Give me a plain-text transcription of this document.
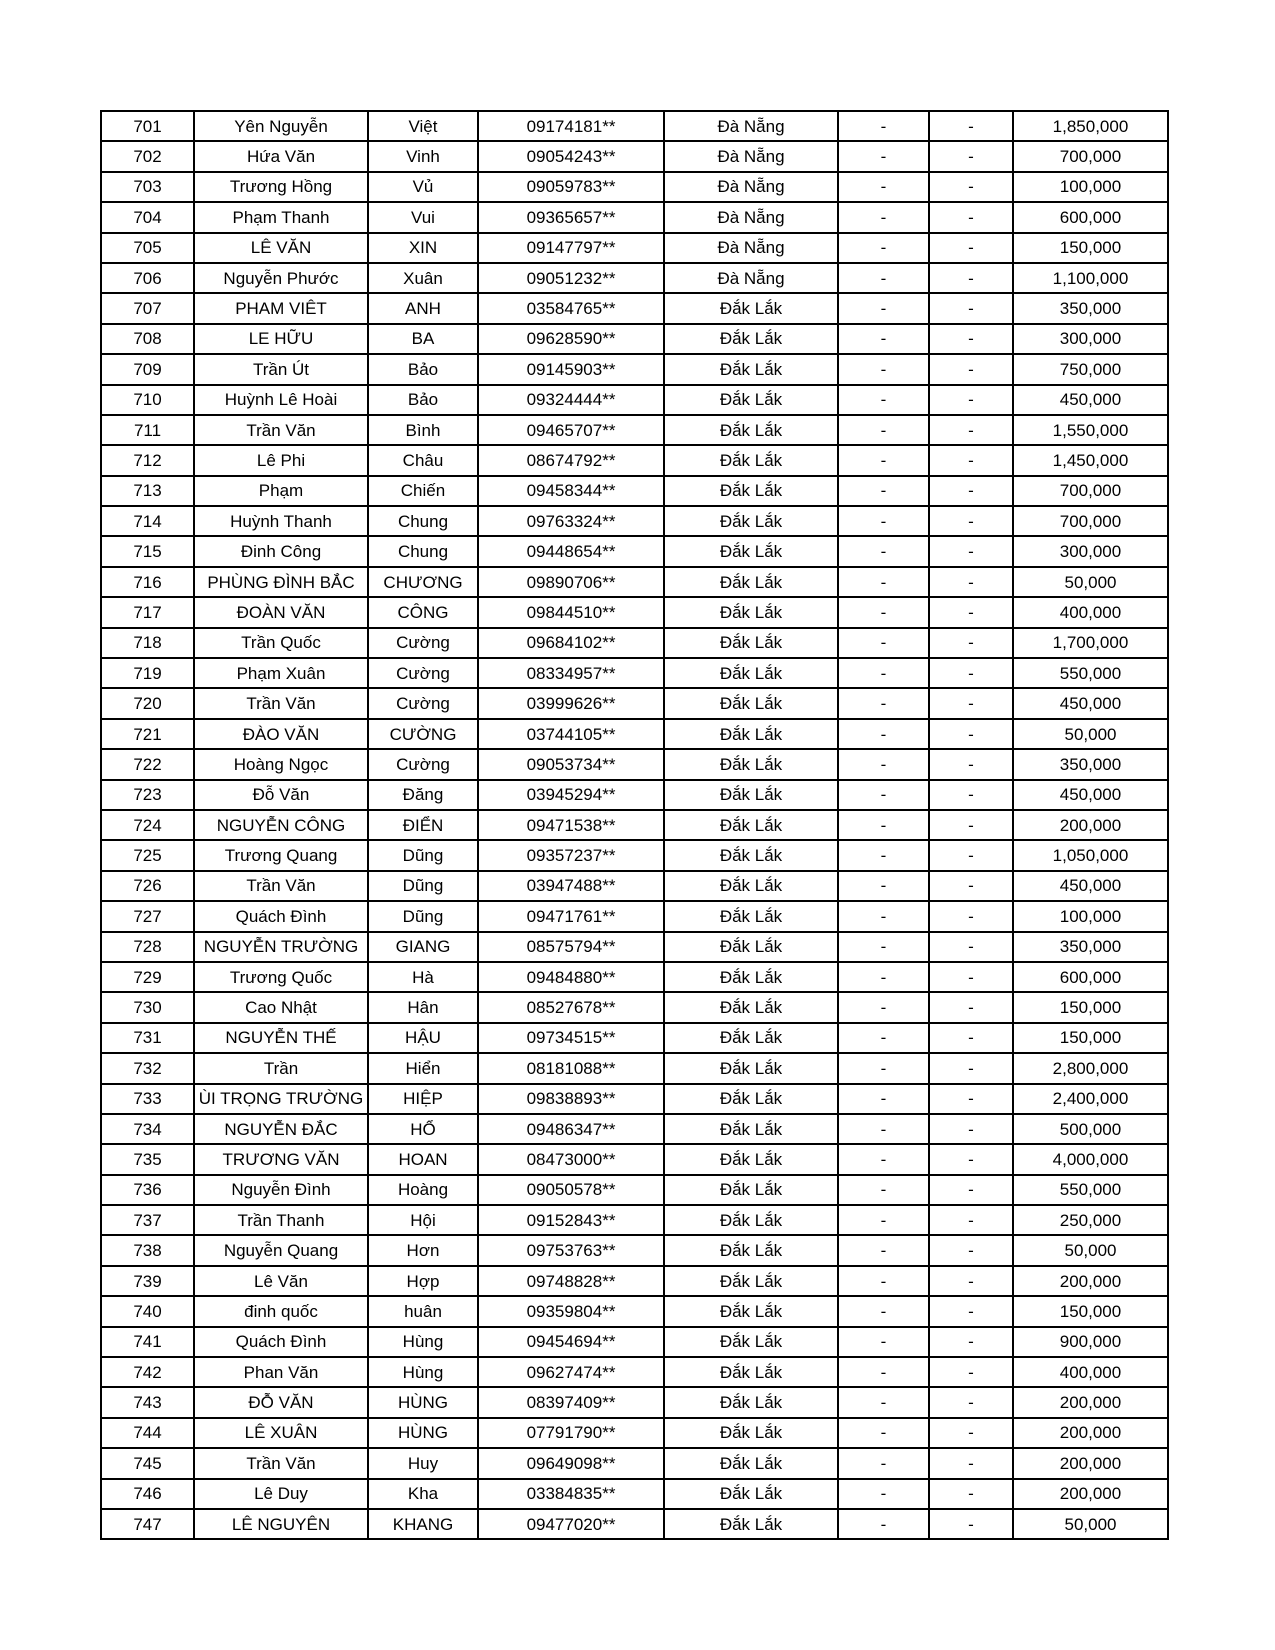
701	Yên Nguyễn	Việt	09174181**	Đà Nẵng	-	-	1,850,000
702	Hứa Văn	Vinh	09054243**	Đà Nẵng	-	-	700,000
703	Trương Hồng	Vủ	09059783**	Đà Nẵng	-	-	100,000
704	Phạm Thanh	Vui	09365657**	Đà Nẵng	-	-	600,000
705	LÊ VĂN	XIN	09147797**	Đà Nẵng	-	-	150,000
706	Nguyễn Phước	Xuân	09051232**	Đà Nẵng	-	-	1,100,000
707	PHAM VIÊT	ANH	03584765**	Đắk Lắk	-	-	350,000
708	LE HỮU	BA	09628590**	Đắk Lắk	-	-	300,000
709	Trần Út	Bảo	09145903**	Đắk Lắk	-	-	750,000
710	Huỳnh Lê Hoài	Bảo	09324444**	Đắk Lắk	-	-	450,000
711	Trần Văn	Bình	09465707**	Đắk Lắk	-	-	1,550,000
712	Lê Phi	Châu	08674792**	Đắk Lắk	-	-	1,450,000
713	Phạm	Chiến	09458344**	Đắk Lắk	-	-	700,000
714	Huỳnh Thanh	Chung	09763324**	Đắk Lắk	-	-	700,000
715	Đinh Công	Chung	09448654**	Đắk Lắk	-	-	300,000
716	PHÙNG ĐÌNH BẮC	CHƯƠNG	09890706**	Đắk Lắk	-	-	50,000
717	ĐOÀN VĂN	CÔNG	09844510**	Đắk Lắk	-	-	400,000
718	Trần Quốc	Cường	09684102**	Đắk Lắk	-	-	1,700,000
719	Phạm Xuân	Cường	08334957**	Đắk Lắk	-	-	550,000
720	Trần Văn	Cường	03999626**	Đắk Lắk	-	-	450,000
721	ĐÀO VĂN	CƯỜNG	03744105**	Đắk Lắk	-	-	50,000
722	Hoàng Ngọc	Cường	09053734**	Đắk Lắk	-	-	350,000
723	Đỗ Văn	Đăng	03945294**	Đắk Lắk	-	-	450,000
724	NGUYỄN CÔNG	ĐIỂN	09471538**	Đắk Lắk	-	-	200,000
725	Trương Quang	Dũng	09357237**	Đắk Lắk	-	-	1,050,000
726	Trần Văn	Dũng	03947488**	Đắk Lắk	-	-	450,000
727	Quách Đình	Dũng	09471761**	Đắk Lắk	-	-	100,000
728	NGUYỄN TRƯỜNG	GIANG	08575794**	Đắk Lắk	-	-	350,000
729	Trương Quốc	Hà	09484880**	Đắk Lắk	-	-	600,000
730	Cao Nhật	Hân	08527678**	Đắk Lắk	-	-	150,000
731	NGUYỄN THẾ	HẬU	09734515**	Đắk Lắk	-	-	150,000
732	Trần	Hiển	08181088**	Đắk Lắk	-	-	2,800,000
733	ÙI TRỌNG TRƯỜNG	HIỆP	09838893**	Đắk Lắk	-	-	2,400,000
734	NGUYỄN ĐẮC	HỔ	09486347**	Đắk Lắk	-	-	500,000
735	TRƯƠNG VĂN	HOAN	08473000**	Đắk Lắk	-	-	4,000,000
736	Nguyễn Đình	Hoàng	09050578**	Đắk Lắk	-	-	550,000
737	Trần Thanh	Hội	09152843**	Đắk Lắk	-	-	250,000
738	Nguyễn Quang	Hơn	09753763**	Đắk Lắk	-	-	50,000
739	Lê Văn	Hợp	09748828**	Đắk Lắk	-	-	200,000
740	đinh quốc	huân	09359804**	Đắk Lắk	-	-	150,000
741	Quách Đình	Hùng	09454694**	Đắk Lắk	-	-	900,000
742	Phan Văn	Hùng	09627474**	Đắk Lắk	-	-	400,000
743	ĐỖ VĂN	HÙNG	08397409**	Đắk Lắk	-	-	200,000
744	LÊ XUÂN	HÙNG	07791790**	Đắk Lắk	-	-	200,000
745	Trần Văn	Huy	09649098**	Đắk Lắk	-	-	200,000
746	Lê Duy	Kha	03384835**	Đắk Lắk	-	-	200,000
747	LÊ NGUYÊN	KHANG	09477020**	Đắk Lắk	-	-	50,000
